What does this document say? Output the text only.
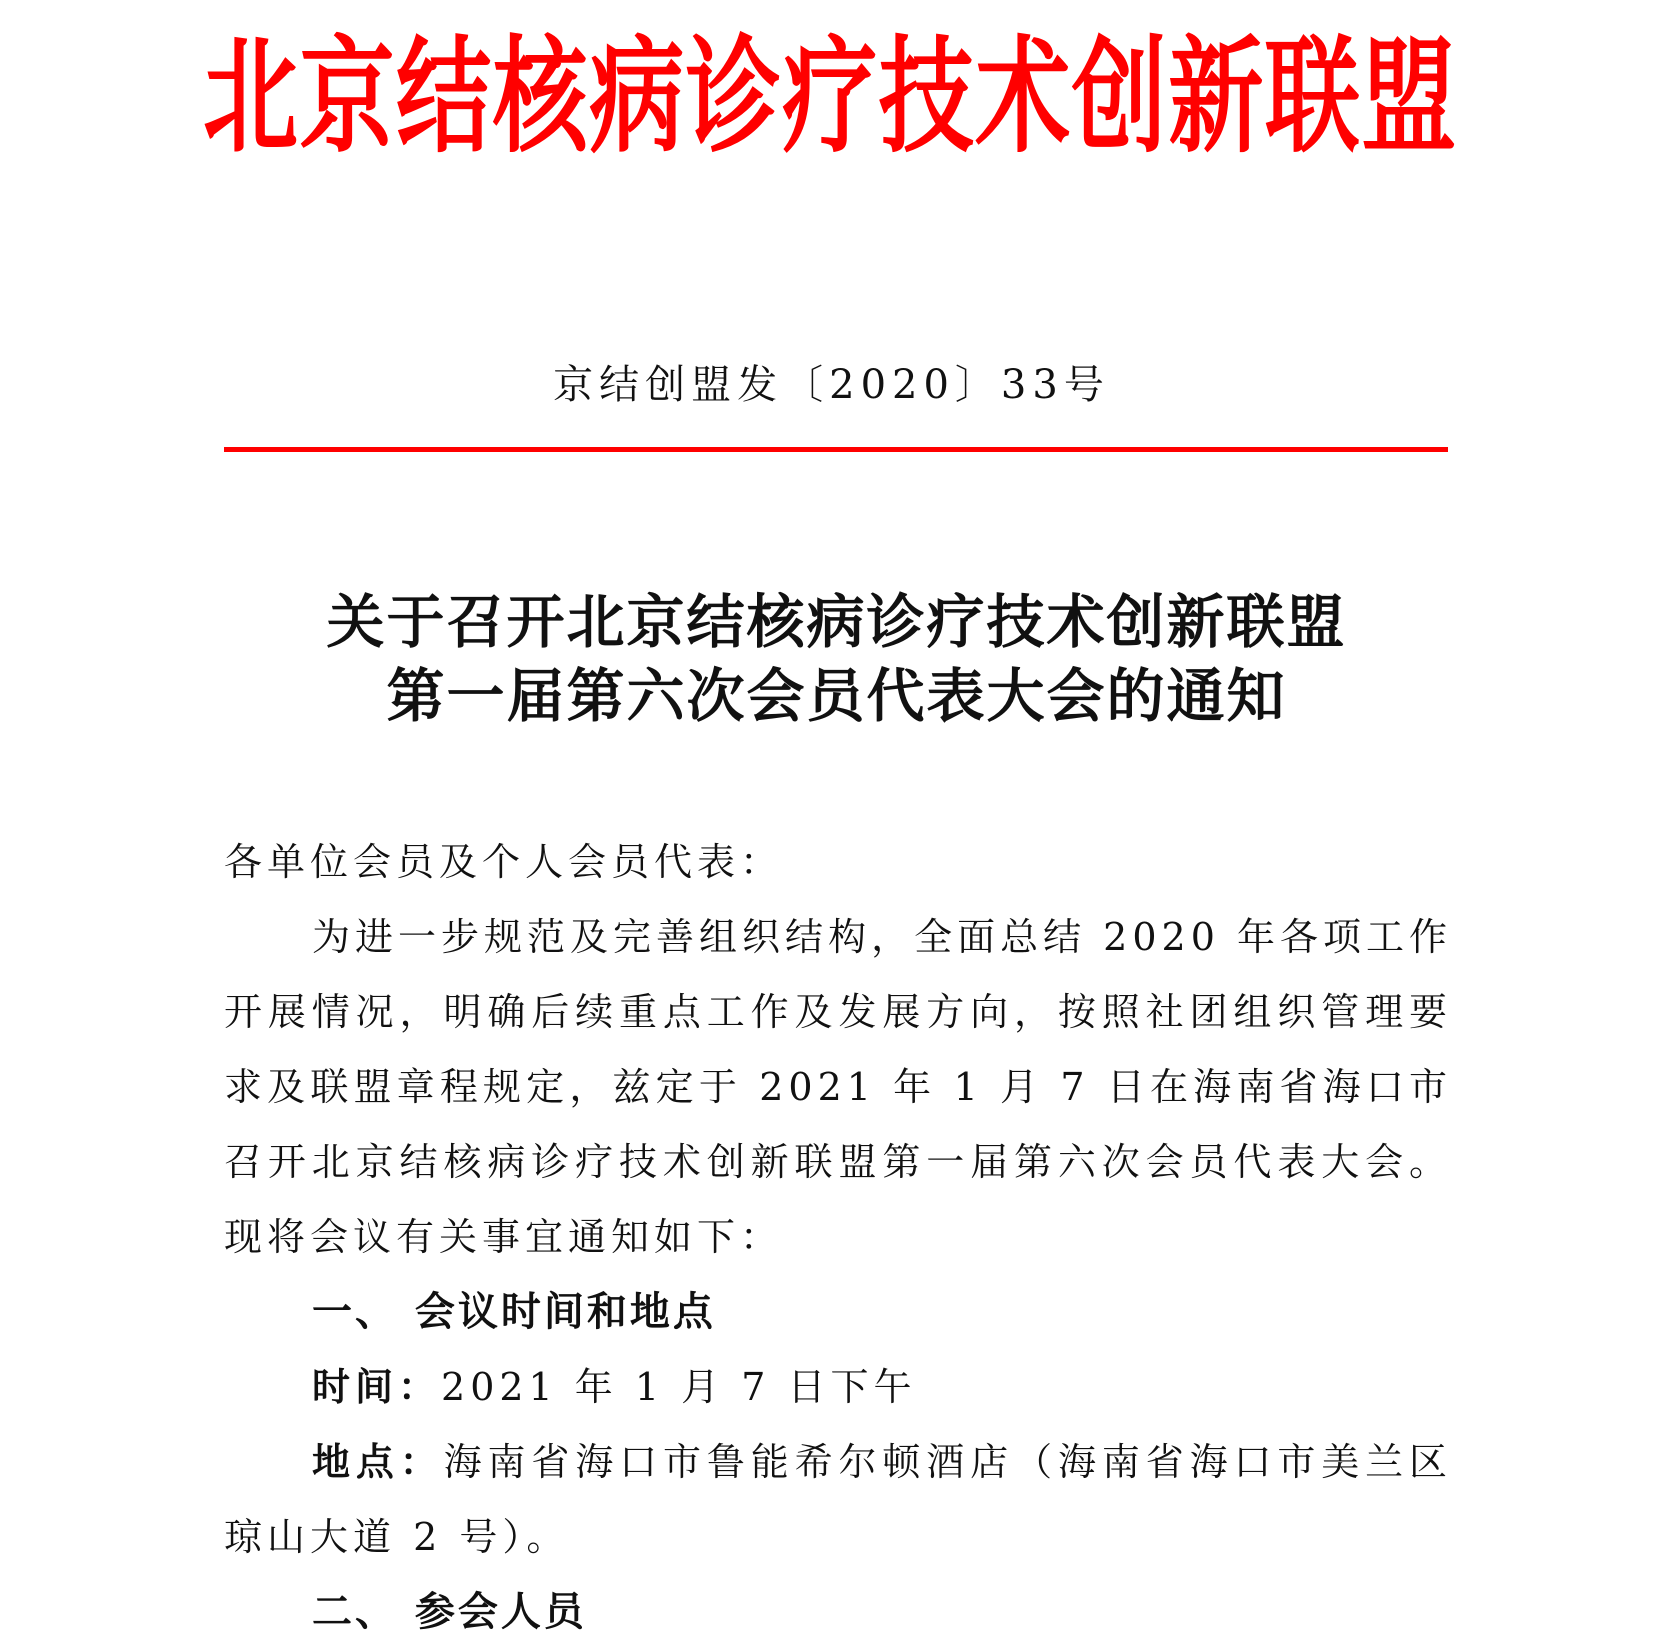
北京结核病诊疗技术创新联盟
京结创盟发〔2020〕33号
关于召开北京结核病诊疗技术创新联盟
第一届第六次会员代表大会的通知

各单位会员及个人会员代表：

为进一步规范及完善组织结构，全面总结 2020 年各项工作开展情况，明确后续重点工作及发展方向，按照社团组织管理要求及联盟章程规定，兹定于 2021 年 1 月 7 日在海南省海口市召开北京结核病诊疗技术创新联盟第一届第六次会员代表大会。现将会议有关事宜通知如下：

一、 会议时间和地点

时间：2021 年 1 月 7 日下午

地点：海南省海口市鲁能希尔顿酒店（海南省海口市美兰区琼山大道 2 号）。

二、 参会人员
